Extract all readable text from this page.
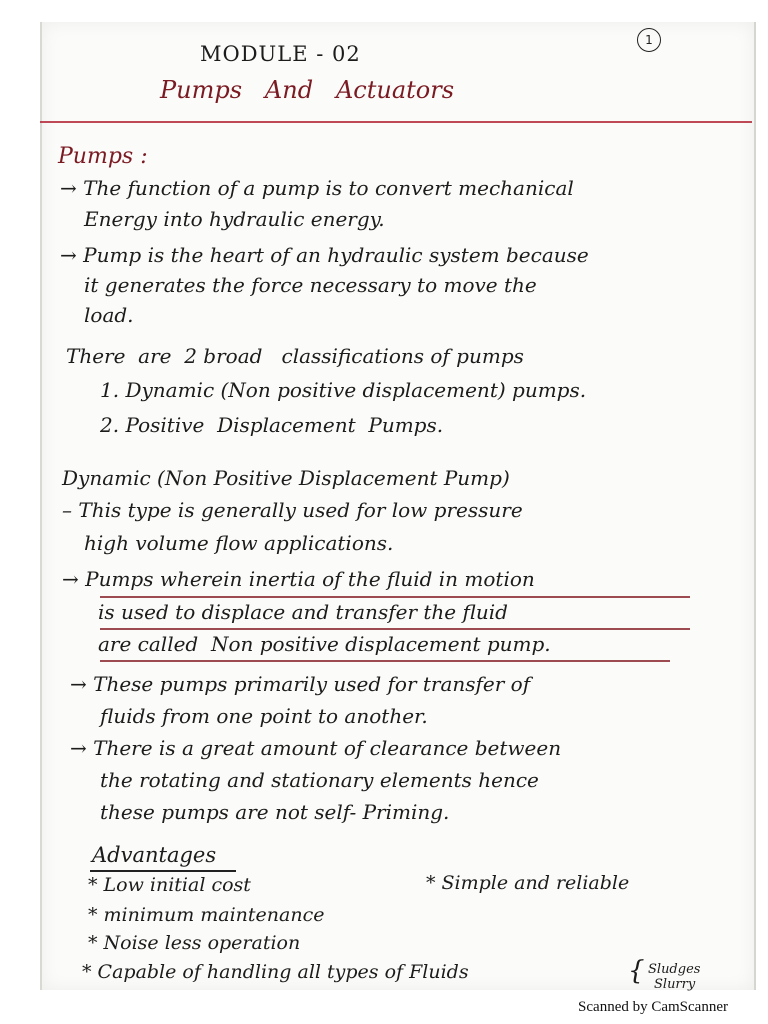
MODULE - 02
Pumps   And   Actuators
1
Pumps :
→ The function of a pump is to convert mechanical
Energy into hydraulic energy.
→ Pump is the heart of an hydraulic system because
it generates the force necessary to move the
load.
There  are  2 broad   classifications of pumps
1. Dynamic (Non positive displacement) pumps.
2. Positive  Displacement  Pumps.
Dynamic (Non Positive Displacement Pump)
– This type is generally used for low pressure
high volume flow applications.
→ Pumps wherein inertia of the fluid in motion
is used to displace and transfer the fluid
are called  Non positive displacement pump.
→ These pumps primarily used for transfer of
fluids from one point to another.
→ There is a great amount of clearance between
the rotating and stationary elements hence
these pumps are not self- Priming.
Advantages
* Low initial cost	* Simple and reliable
* minimum maintenance
* Noise less operation
* Capable of handling all types of Fluids	{ Sludges
Slurry
Scanned by CamScanner
